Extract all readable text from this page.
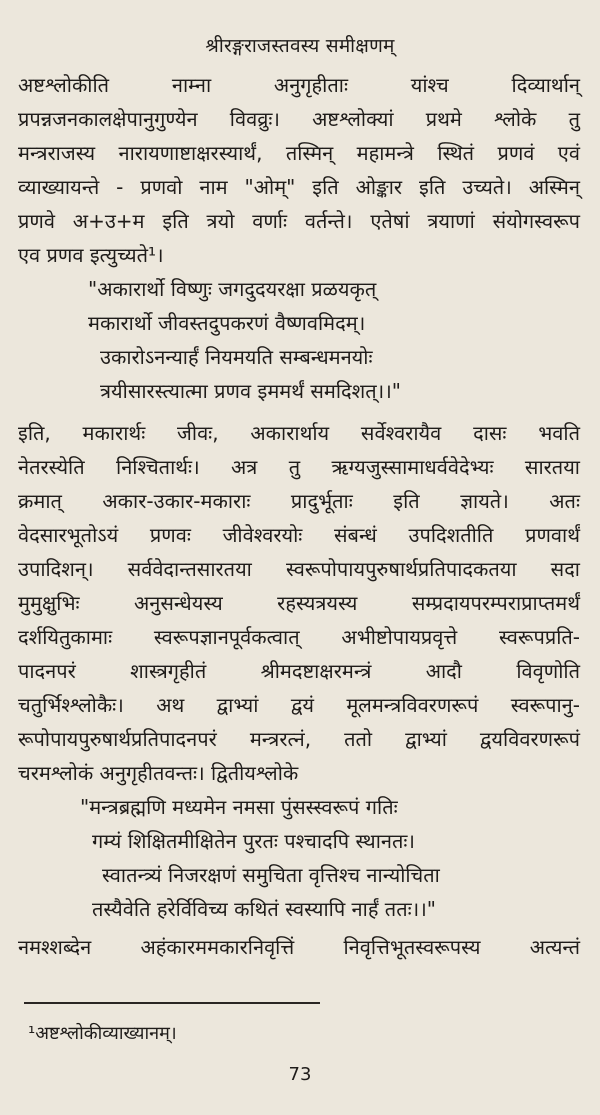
श्रीरङ्गराजस्तवस्य समीक्षणम्
अष्टश्लोकीति नाम्ना अनुगृहीताः यांश्च दिव्यार्थान्
प्रपन्नजनकालक्षेपानुगुण्येन विवव्रुः। अष्टश्लोक्यां प्रथमे श्लोके तु
मन्त्रराजस्य नारायणाष्टाक्षरस्यार्थं, तस्मिन् महामन्त्रे स्थितं प्रणवं एवं
व्याख्यायन्ते - प्रणवो नाम "ओम्" इति ओङ्कार इति उच्यते। अस्मिन्
प्रणवे अ+उ+म इति त्रयो वर्णाः वर्तन्ते। एतेषां त्रयाणां संयोगस्वरूप
एव प्रणव इत्युच्यते¹।
"अकारार्थो विष्णुः जगदुदयरक्षा प्रळयकृत्
मकारार्थो जीवस्तदुपकरणं वैष्णवमिदम्।
उकारोऽनन्यार्हं नियमयति सम्बन्धमनयोः
त्रयीसारस्त्यात्मा प्रणव इममर्थं समदिशत्।।"
इति, मकारार्थः जीवः, अकारार्थाय सर्वेश्वरायैव दासः भवति
नेतरस्येति निश्चितार्थः। अत्र तु ऋग्यजुस्सामाधर्ववेदेभ्यः सारतया
क्रमात् अकार-उकार-मकाराः प्रादुर्भूताः इति ज्ञायते। अतः
वेदसारभूतोऽयं प्रणवः जीवेश्वरयोः संबन्धं उपदिशतीति प्रणवार्थं
उपादिशन्। सर्ववेदान्तसारतया स्वरूपोपायपुरुषार्थप्रतिपादकतया सदा
मुमुक्षुभिः अनुसन्धेयस्य रहस्यत्रयस्य सम्प्रदायपरम्पराप्राप्तमर्थं
दर्शयितुकामाः स्वरूपज्ञानपूर्वकत्वात् अभीष्टोपायप्रवृत्ते स्वरूपप्रति-
पादनपरं शास्त्रगृहीतं श्रीमदष्टाक्षरमन्त्रं आदौ विवृणोति
चतुर्भिश्श्लोकैः। अथ द्वाभ्यां द्वयं मूलमन्त्रविवरणरूपं स्वरूपानु-
रूपोपायपुरुषार्थप्रतिपादनपरं मन्त्ररत्नं, ततो द्वाभ्यां द्वयविवरणरूपं
चरमश्लोकं अनुगृहीतवन्तः। द्वितीयश्लोके
"मन्त्रब्रह्मणि मध्यमेन नमसा पुंसस्स्वरूपं गतिः
गम्यं शिक्षितमीक्षितेन पुरतः पश्चादपि स्थानतः।
स्वातन्त्र्यं निजरक्षणं समुचिता वृत्तिश्च नान्योचिता
तस्यैवेति हरेर्विविच्य कथितं स्वस्यापि नार्हं ततः।।"
नमश्शब्देन अहंकारममकारनिवृत्तिं निवृत्तिभूतस्वरूपस्य अत्यन्तं
¹अष्टश्लोकीव्याख्यानम्।
73
